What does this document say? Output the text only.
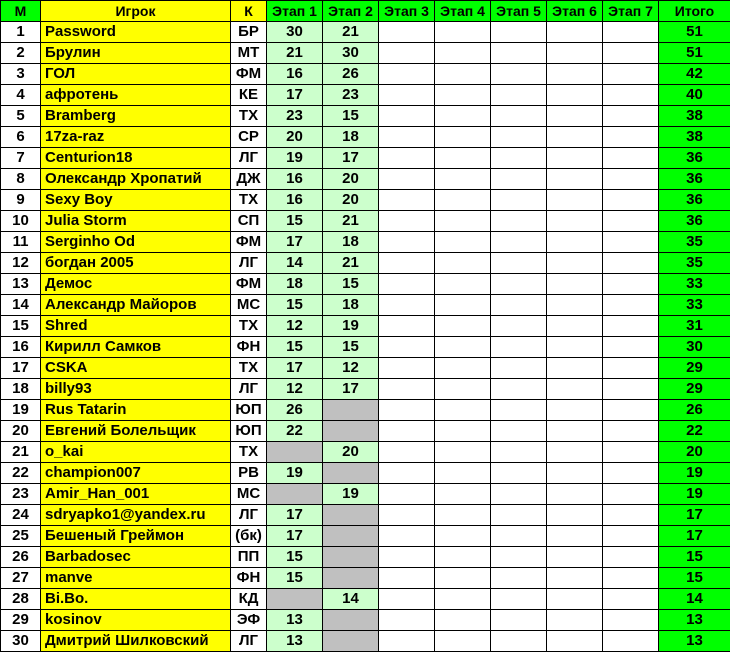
М	Игрок	К	Этап 1	Этап 2	Этап 3	Этап 4	Этап 5	Этап 6	Этап 7	Итого
1	Password	БР	30	21						51
2	Брулин	МТ	21	30						51
3	ГОЛ	ФМ	16	26						42
4	афротень	КЕ	17	23						40
5	Bramberg	ТХ	23	15						38
6	17za-raz	СР	20	18						38
7	Centurion18	ЛГ	19	17						36
8	Олександр Хропатий	ДЖ	16	20						36
9	Sexy Boy	ТХ	16	20						36
10	Julia Storm	СП	15	21						36
11	Serginho Od	ФМ	17	18						35
12	богдан 2005	ЛГ	14	21						35
13	Демос	ФМ	18	15						33
14	Александр Майоров	МС	15	18						33
15	Shred	ТХ	12	19						31
16	Кирилл Самков	ФН	15	15						30
17	CSKA	ТХ	17	12						29
18	billy93	ЛГ	12	17						29
19	Rus Tatarin	ЮП	26							26
20	Евгений Болельщик	ЮП	22							22
21	o_kai	ТХ		20						20
22	champion007	РВ	19							19
23	Amir_Han_001	МС		19						19
24	sdryapko1@yandex.ru	ЛГ	17							17
25	Бешеный Греймон	(бк)	17							17
26	Barbadosec	ПП	15							15
27	manve	ФН	15							15
28	Bi.Bo.	КД		14						14
29	kosinov	ЭФ	13							13
30	Дмитрий Шилковский	ЛГ	13							13
